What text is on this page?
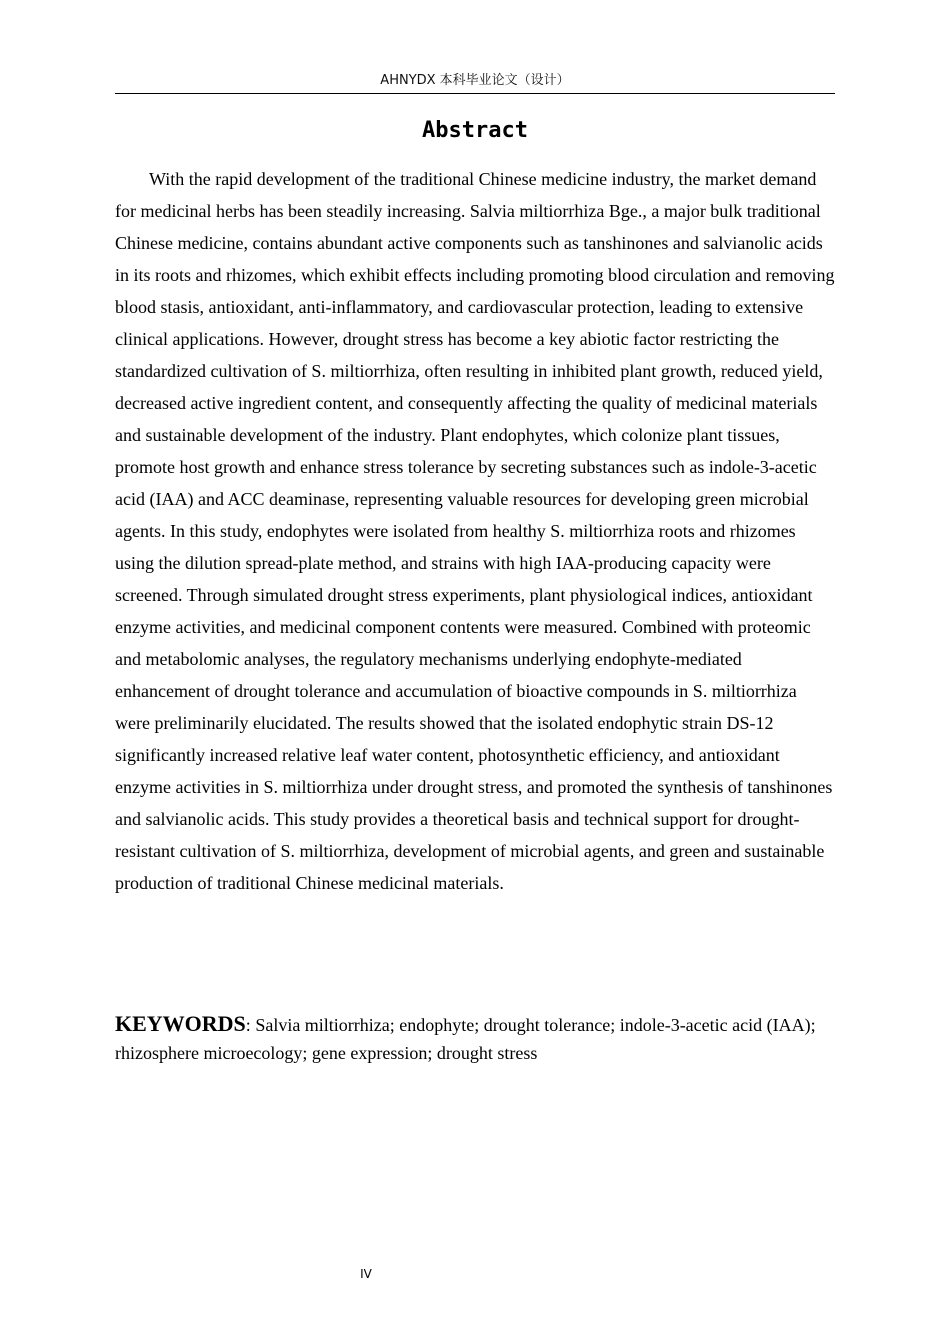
AHNYDX 本科毕业论文（设计）
Abstract

With the rapid development of the traditional Chinese medicine industry, the market demand for medicinal herbs has been steadily increasing. Salvia miltiorrhiza Bge., a major bulk traditional Chinese medicine, contains abundant active components such as tanshinones and salvianolic acids in its roots and rhizomes, which exhibit effects including promoting blood circulation and removing blood stasis, antioxidant, anti-inflammatory, and cardiovascular protection, leading to extensive clinical applications. However, drought stress has become a key abiotic factor restricting the standardized cultivation of S. miltiorrhiza, often resulting in inhibited plant growth, reduced yield, decreased active ingredient content, and consequently affecting the quality of medicinal materials and sustainable development of the industry. Plant endophytes, which colonize plant tissues, promote host growth and enhance stress tolerance by secreting substances such as indole-3-acetic acid (IAA) and ACC deaminase, representing valuable resources for developing green microbial agents. In this study, endophytes were isolated from healthy S. miltiorrhiza roots and rhizomes using the dilution spread-plate method, and strains with high IAA-producing capacity were screened. Through simulated drought stress experiments, plant physiological indices, antioxidant enzyme activities, and medicinal component contents were measured. Combined with proteomic and metabolomic analyses, the regulatory mechanisms underlying endophyte-mediated enhancement of drought tolerance and accumulation of bioactive compounds in S. miltiorrhiza were preliminarily elucidated. The results showed that the isolated endophytic strain DS-12 significantly increased relative leaf water content, photosynthetic efficiency, and antioxidant enzyme activities in S. miltiorrhiza under drought stress, and promoted the synthesis of tanshinones and salvianolic acids. This study provides a theoretical basis and technical support for drought-resistant cultivation of S. miltiorrhiza, development of microbial agents, and green and sustainable production of traditional Chinese medicinal materials.

KEYWORDS: Salvia miltiorrhiza; endophyte; drought tolerance; indole-3-acetic acid (IAA); rhizosphere microecology; gene expression; drought stress

IV
